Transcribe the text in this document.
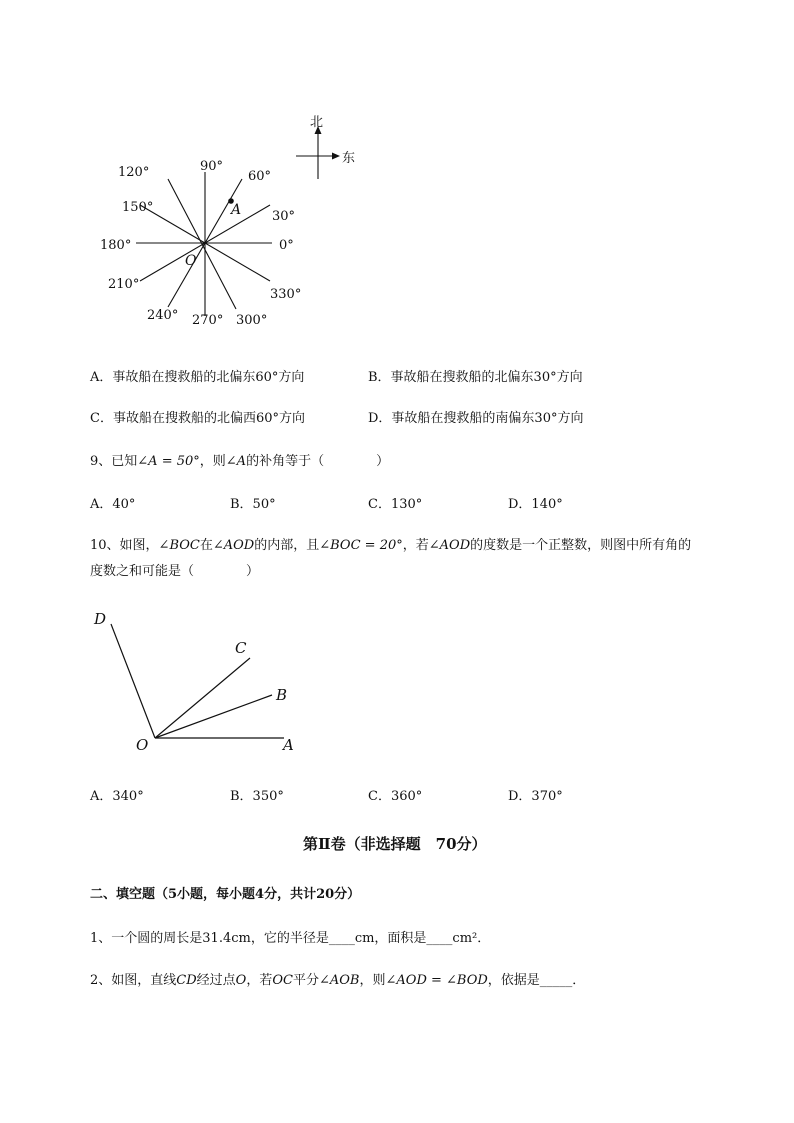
北
东
90°
60°
120°
150°
30°
180°	0°
210°
330°
240° 270° 300°
O
A
A．事故船在搜救船的北偏东60°方向	B．事故船在搜救船的北偏东30°方向
C．事故船在搜救船的北偏西60°方向	D．事故船在搜救船的南偏东30°方向
9、已知∠A = 50°，则∠A的补角等于（　　　　）
A．40°	B．50°	C．130°	D．140°
10、如图，∠BOC在∠AOD的内部，且∠BOC = 20°，若∠AOD的度数是一个正整数，则图中所有角的
度数之和可能是（　　　　）
D
C
B
O	A
A．340°	B．350°	C．360°	D．370°
第Ⅱ卷（非选择题　70分）
二、填空题（5小题，每小题4分，共计20分）
1、一个圆的周长是31.4cm，它的半径是____cm，面积是____cm²．
2、如图，直线CD经过点O，若OC平分∠AOB，则∠AOD = ∠BOD，依据是_____．
